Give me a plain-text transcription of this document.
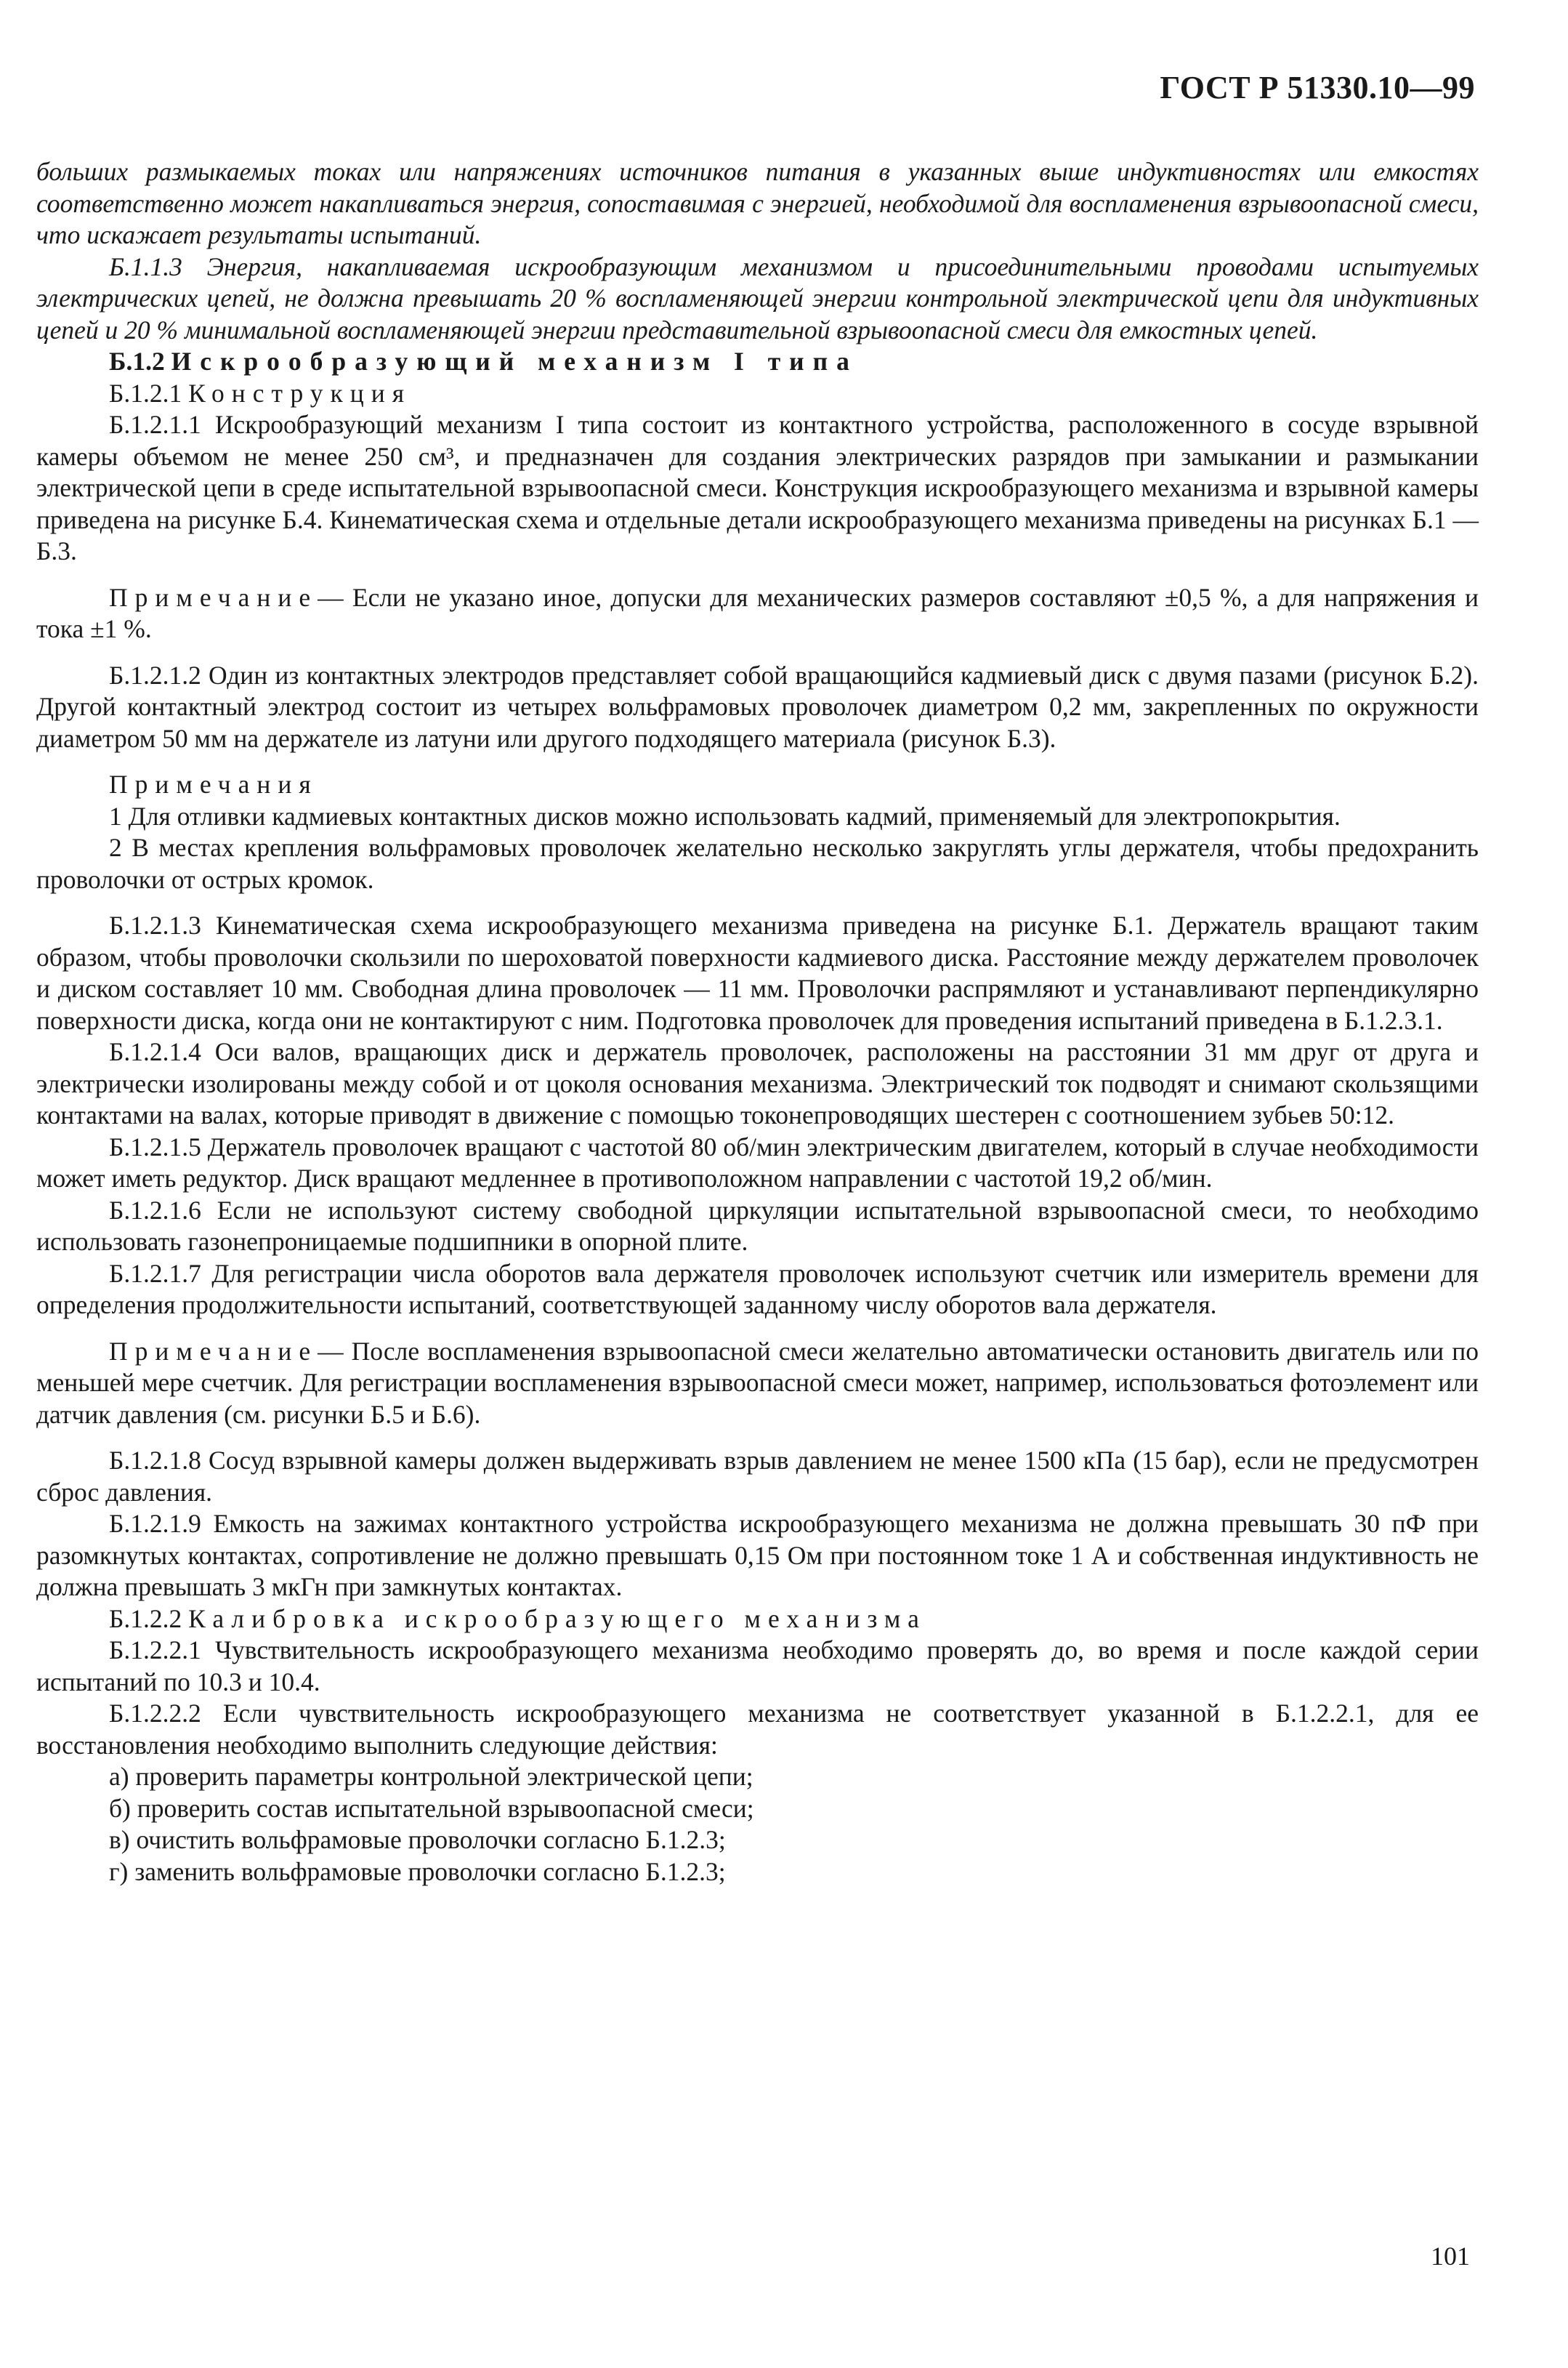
ГОСТ Р 51330.10—99

больших размыкаемых токах или напряжениях источников питания в указанных выше индуктивностях или емкостях соответственно может накапливаться энергия, сопоставимая с энергией, необходимой для воспламенения взрывоопасной смеси, что искажает результаты испытаний.

Б.1.1.3 Энергия, накапливаемая искрообразующим механизмом и присоединительными проводами испытуемых электрических цепей, не должна превышать 20 % воспламеняющей энергии контрольной электрической цепи для индуктивных цепей и 20 % минимальной воспламеняющей энергии представительной взрывоопасной смеси для емкостных цепей.

Б.1.2 Искрообразующий механизм I типа

Б.1.2.1 Конструкция

Б.1.2.1.1 Искрообразующий механизм I типа состоит из контактного устройства, расположенного в сосуде взрывной камеры объемом не менее 250 см³, и предназначен для создания электрических разрядов при замыкании и размыкании электрической цепи в среде испытательной взрывоопасной смеси. Конструкция искрообразующего механизма и взрывной камеры приведена на рисунке Б.4. Кинематическая схема и отдельные детали искрообразующего механизма приведены на рисунках Б.1 — Б.3.

Примечание— Если не указано иное, допуски для механических размеров составляют ±0,5 %, а для напряжения и тока ±1 %.

Б.1.2.1.2 Один из контактных электродов представляет собой вращающийся кадмиевый диск с двумя пазами (рисунок Б.2). Другой контактный электрод состоит из четырех вольфрамовых проволочек диаметром 0,2 мм, закрепленных по окружности диаметром 50 мм на держателе из латуни или другого подходящего материала (рисунок Б.3).

Примечания

1 Для отливки кадмиевых контактных дисков можно использовать кадмий, применяемый для электропокрытия.

2 В местах крепления вольфрамовых проволочек желательно несколько закруглять углы держателя, чтобы предохранить проволочки от острых кромок.

Б.1.2.1.3 Кинематическая схема искрообразующего механизма приведена на рисунке Б.1. Держатель вращают таким образом, чтобы проволочки скользили по шероховатой поверхности кадмиевого диска. Расстояние между держателем проволочек и диском составляет 10 мм. Свободная длина проволочек — 11 мм. Проволочки распрямляют и устанавливают перпендикулярно поверхности диска, когда они не контактируют с ним. Подготовка проволочек для проведения испытаний приведена в Б.1.2.3.1.

Б.1.2.1.4 Оси валов, вращающих диск и держатель проволочек, расположены на расстоянии 31 мм друг от друга и электрически изолированы между собой и от цоколя основания механизма. Электрический ток подводят и снимают скользящими контактами на валах, которые приводят в движение с помощью токонепроводящих шестерен с соотношением зубьев 50:12.

Б.1.2.1.5 Держатель проволочек вращают с частотой 80 об/мин электрическим двигателем, который в случае необходимости может иметь редуктор. Диск вращают медленнее в противоположном направлении с частотой 19,2 об/мин.

Б.1.2.1.6 Если не используют систему свободной циркуляции испытательной взрывоопасной смеси, то необходимо использовать газонепроницаемые подшипники в опорной плите.

Б.1.2.1.7 Для регистрации числа оборотов вала держателя проволочек используют счетчик или измеритель времени для определения продолжительности испытаний, соответствующей заданному числу оборотов вала держателя.

Примечание— После воспламенения взрывоопасной смеси желательно автоматически остановить двигатель или по меньшей мере счетчик. Для регистрации воспламенения взрывоопасной смеси может, например, использоваться фотоэлемент или датчик давления (см. рисунки Б.5 и Б.6).

Б.1.2.1.8 Сосуд взрывной камеры должен выдерживать взрыв давлением не менее 1500 кПа (15 бар), если не предусмотрен сброс давления.

Б.1.2.1.9 Емкость на зажимах контактного устройства искрообразующего механизма не должна превышать 30 пФ при разомкнутых контактах, сопротивление не должно превышать 0,15 Ом при постоянном токе 1 А и собственная индуктивность не должна превышать 3 мкГн при замкнутых контактах.

Б.1.2.2 Калибровка искрообразующего механизма

Б.1.2.2.1 Чувствительность искрообразующего механизма необходимо проверять до, во время и после каждой серии испытаний по 10.3 и 10.4.

Б.1.2.2.2 Если чувствительность искрообразующего механизма не соответствует указанной в Б.1.2.2.1, для ее восстановления необходимо выполнить следующие действия:

а) проверить параметры контрольной электрической цепи;

б) проверить состав испытательной взрывоопасной смеси;

в) очистить вольфрамовые проволочки согласно Б.1.2.3;

г) заменить вольфрамовые проволочки согласно Б.1.2.3;

101
